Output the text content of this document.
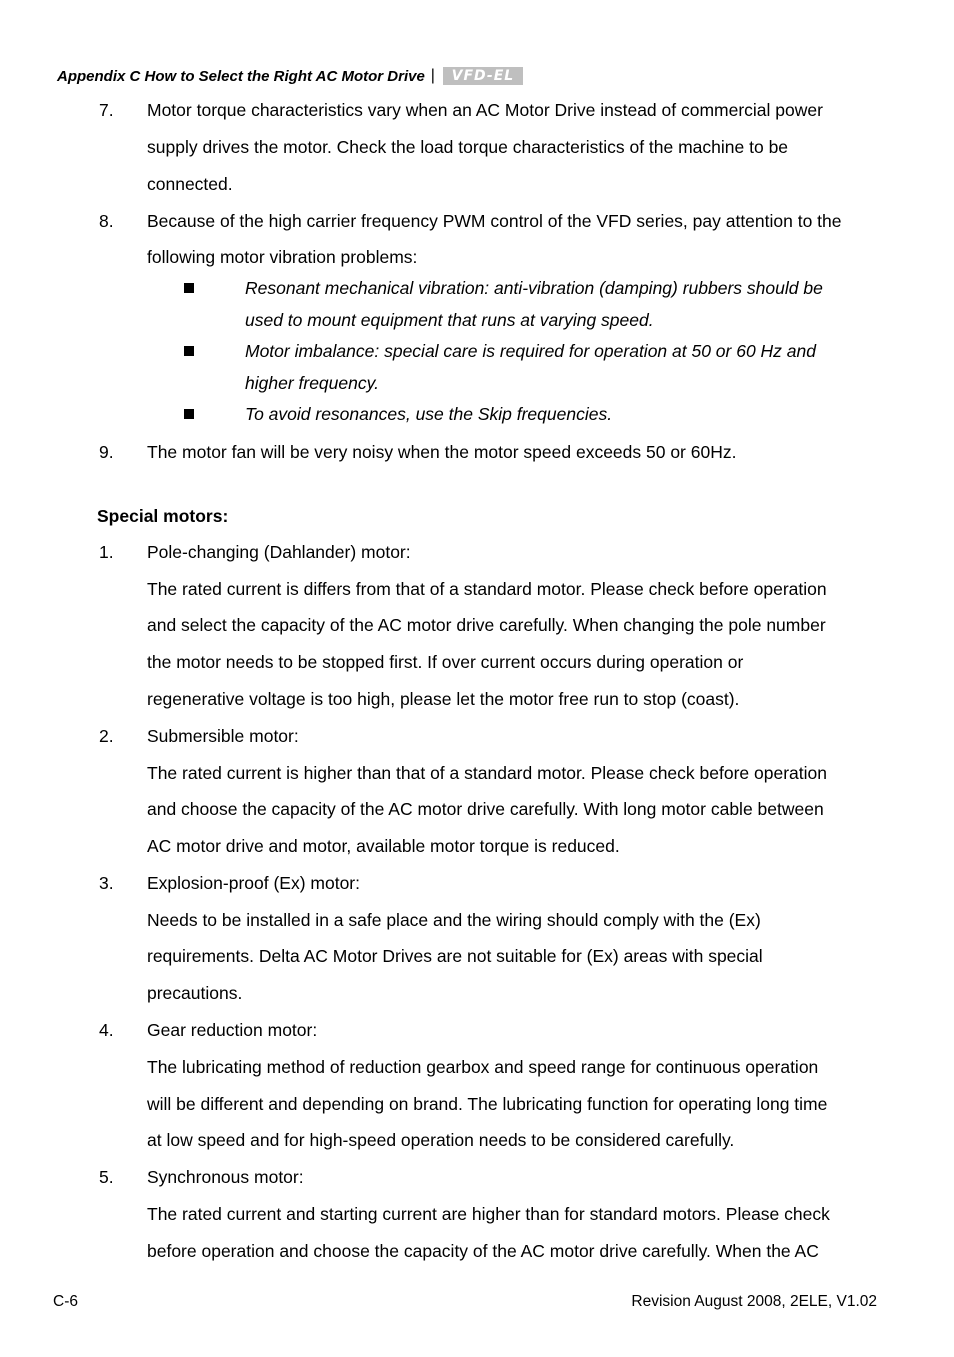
Appendix C How to Select the Right AC Motor Drive |	VFD-EL
7. Motor torque characteristics vary when an AC Motor Drive instead of commercial power
supply drives the motor. Check the load torque characteristics of the machine to be
connected.
8. Because of the high carrier frequency PWM control of the VFD series, pay attention to the
following motor vibration problems:
Resonant mechanical vibration: anti-vibration (damping) rubbers should be
used to mount equipment that runs at varying speed.
Motor imbalance: special care is required for operation at 50 or 60 Hz and
higher frequency.
To avoid resonances, use the Skip frequencies.
9. The motor fan will be very noisy when the motor speed exceeds 50 or 60Hz.
Special motors:
1. Pole-changing (Dahlander) motor:
The rated current is differs from that of a standard motor. Please check before operation
and select the capacity of the AC motor drive carefully. When changing the pole number
the motor needs to be stopped first. If over current occurs during operation or
regenerative voltage is too high, please let the motor free run to stop (coast).
2. Submersible motor:
The rated current is higher than that of a standard motor. Please check before operation
and choose the capacity of the AC motor drive carefully. With long motor cable between
AC motor drive and motor, available motor torque is reduced.
3. Explosion-proof (Ex) motor:
Needs to be installed in a safe place and the wiring should comply with the (Ex)
requirements. Delta AC Motor Drives are not suitable for (Ex) areas with special
precautions.
4. Gear reduction motor:
The lubricating method of reduction gearbox and speed range for continuous operation
will be different and depending on brand. The lubricating function for operating long time
at low speed and for high-speed operation needs to be considered carefully.
5. Synchronous motor:
The rated current and starting current are higher than for standard motors. Please check
before operation and choose the capacity of the AC motor drive carefully. When the AC
C-6	Revision August 2008, 2ELE, V1.02
